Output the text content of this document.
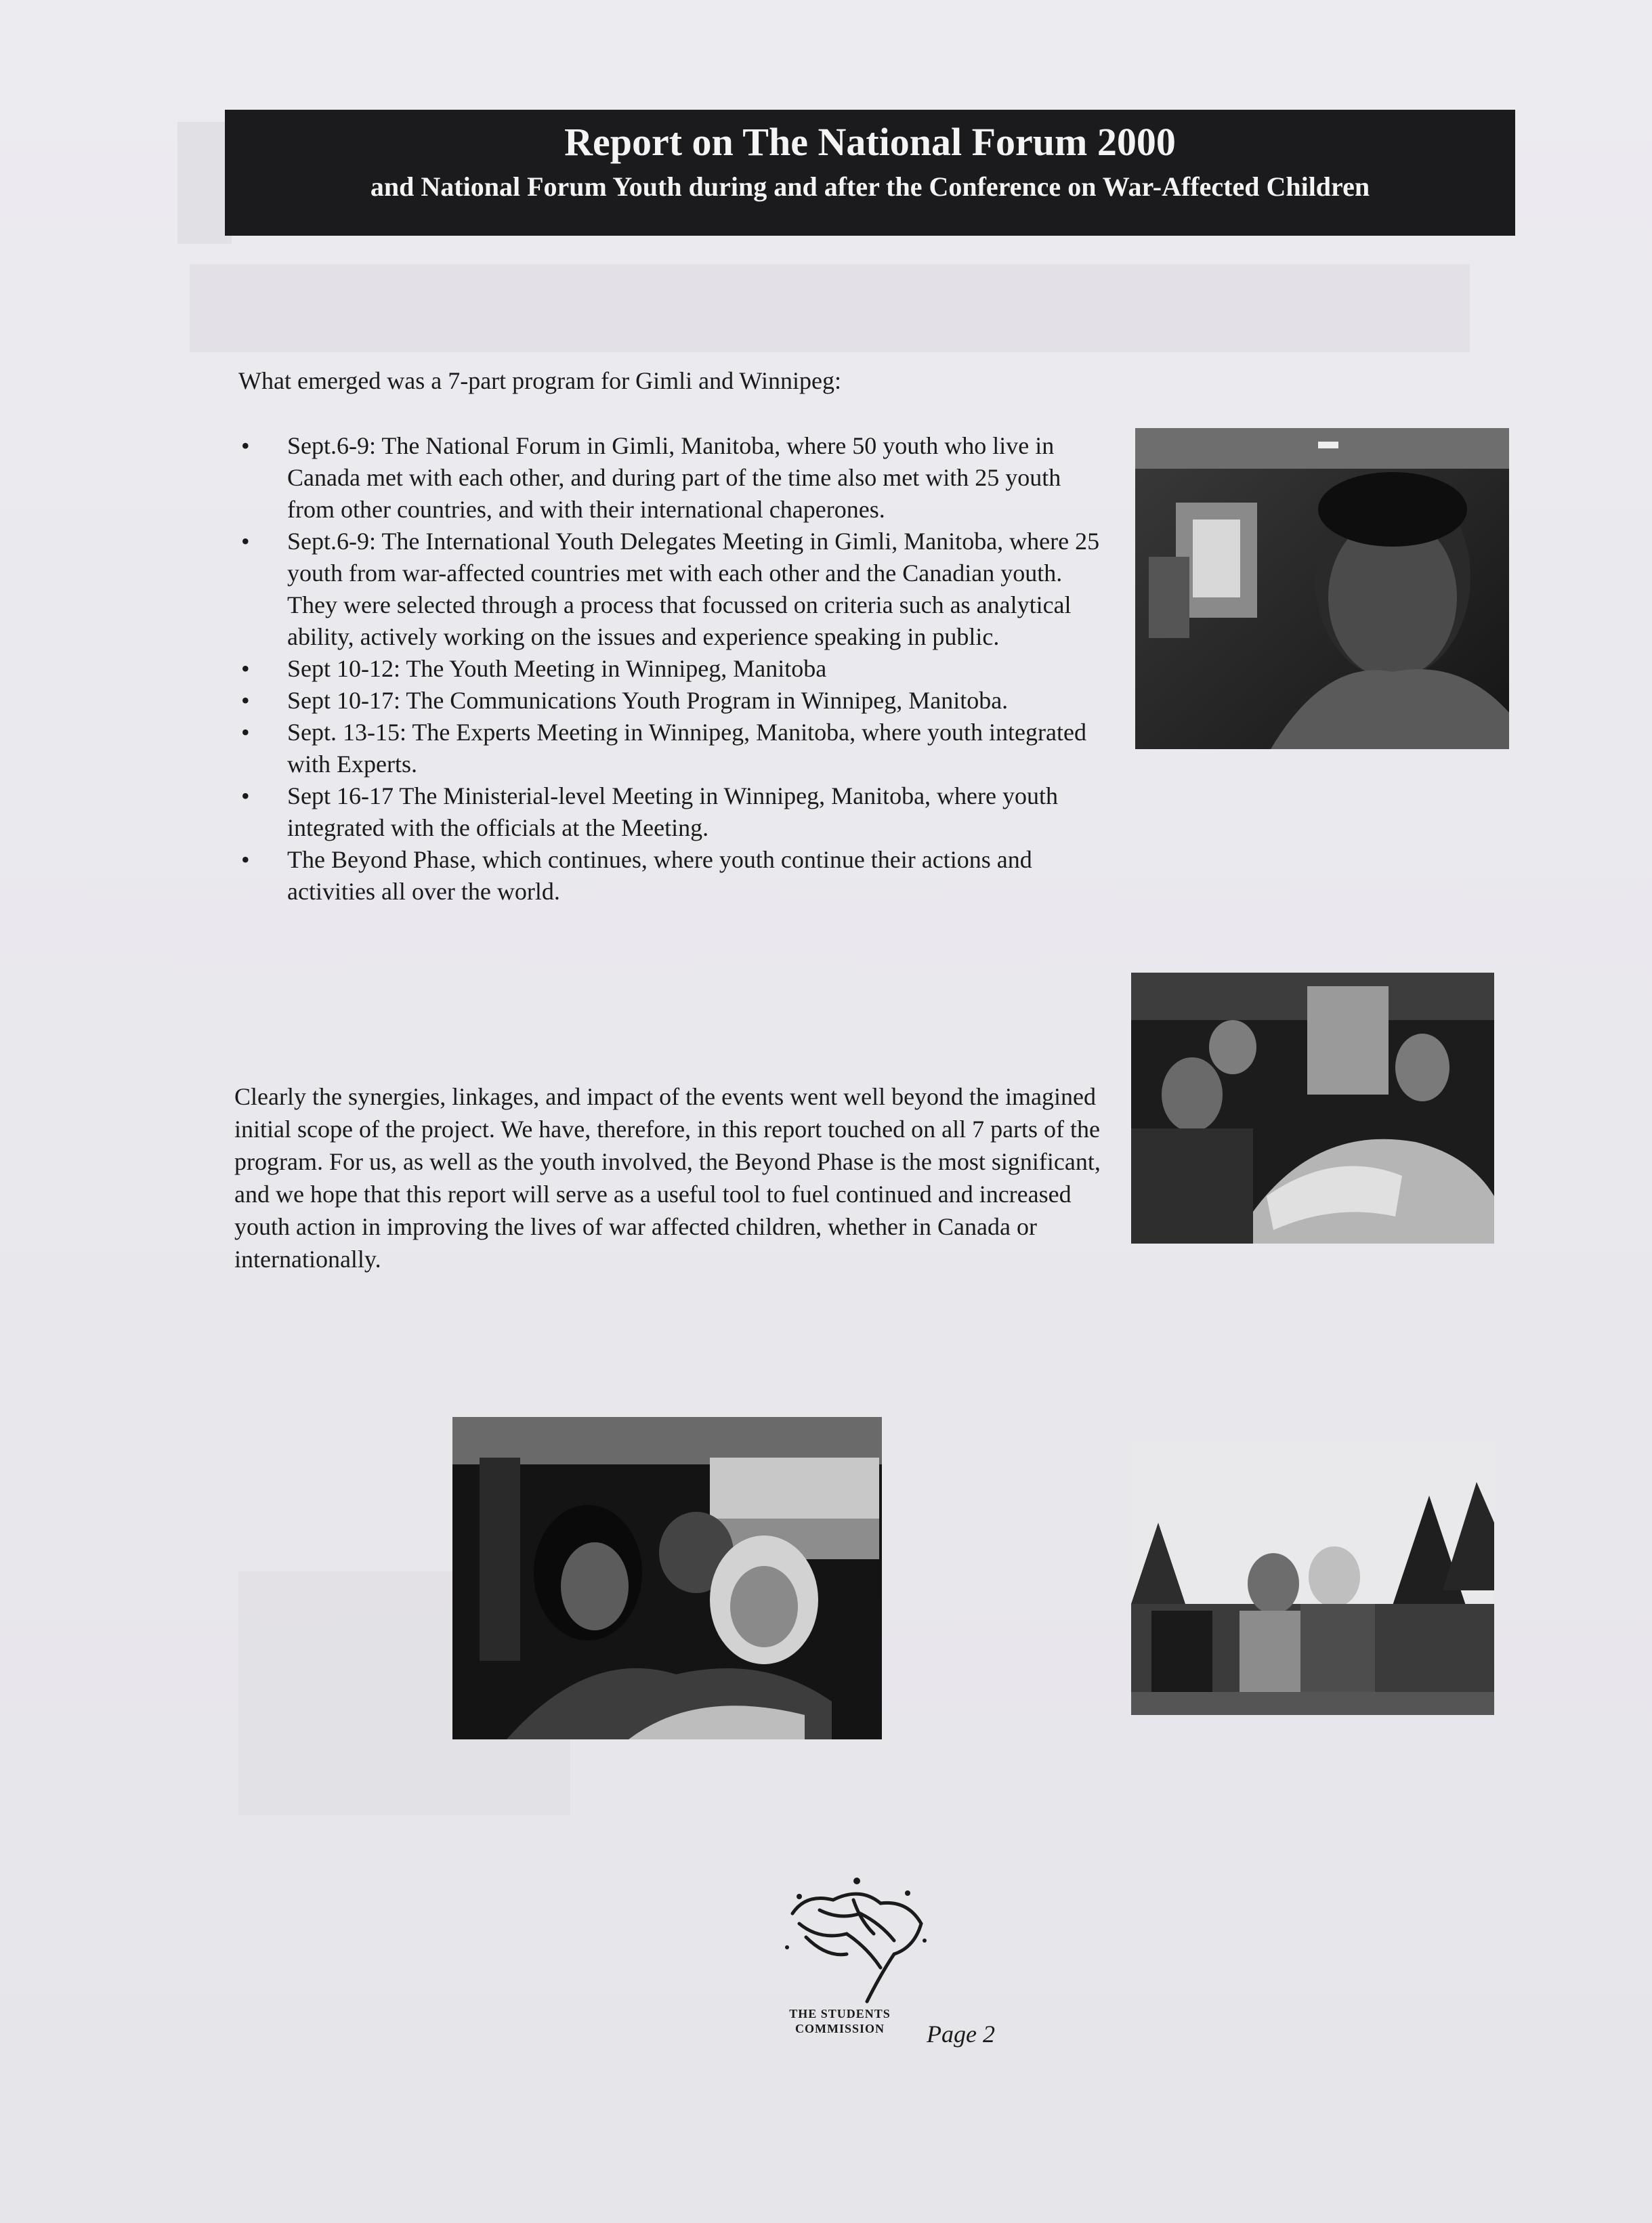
Report on The National Forum 2000
and National Forum Youth during and after the Conference on War-Affected Children
What emerged was a 7-part program for Gimli and Winnipeg:
• Sept.6-9: The National Forum in Gimli, Manitoba, where 50 youth who live in Canada met with each other, and during part of the time also met with 25 youth from other countries, and with their international chaperones.
• Sept.6-9: The International Youth Delegates Meeting in Gimli, Manitoba, where 25 youth from war-affected countries met with each other and the Canadian youth. They were selected through a process that focussed on criteria such as analytical ability, actively working on the issues and experience speaking in public.
• Sept 10-12: The Youth Meeting in Winnipeg, Manitoba
• Sept 10-17: The Communications Youth Program in Winnipeg, Manitoba.
• Sept. 13-15: The Experts Meeting in Winnipeg, Manitoba, where youth integrated with Experts.
• Sept 16-17 The Ministerial-level Meeting in Winnipeg, Manitoba, where youth integrated with the officials at the Meeting.
• The Beyond Phase, which continues, where youth continue their actions and activities all over the world.
Clearly the synergies, linkages, and impact of the events went well beyond the imagined initial scope of the project. We have, therefore, in this report touched on all 7 parts of the program. For us, as well as the youth involved, the Beyond Phase is the most significant, and we hope that this report will serve as a useful tool to fuel continued and increased youth action in improving the lives of war affected children, whether in Canada or internationally.
THE STUDENTS
COMMISSION	Page 2
